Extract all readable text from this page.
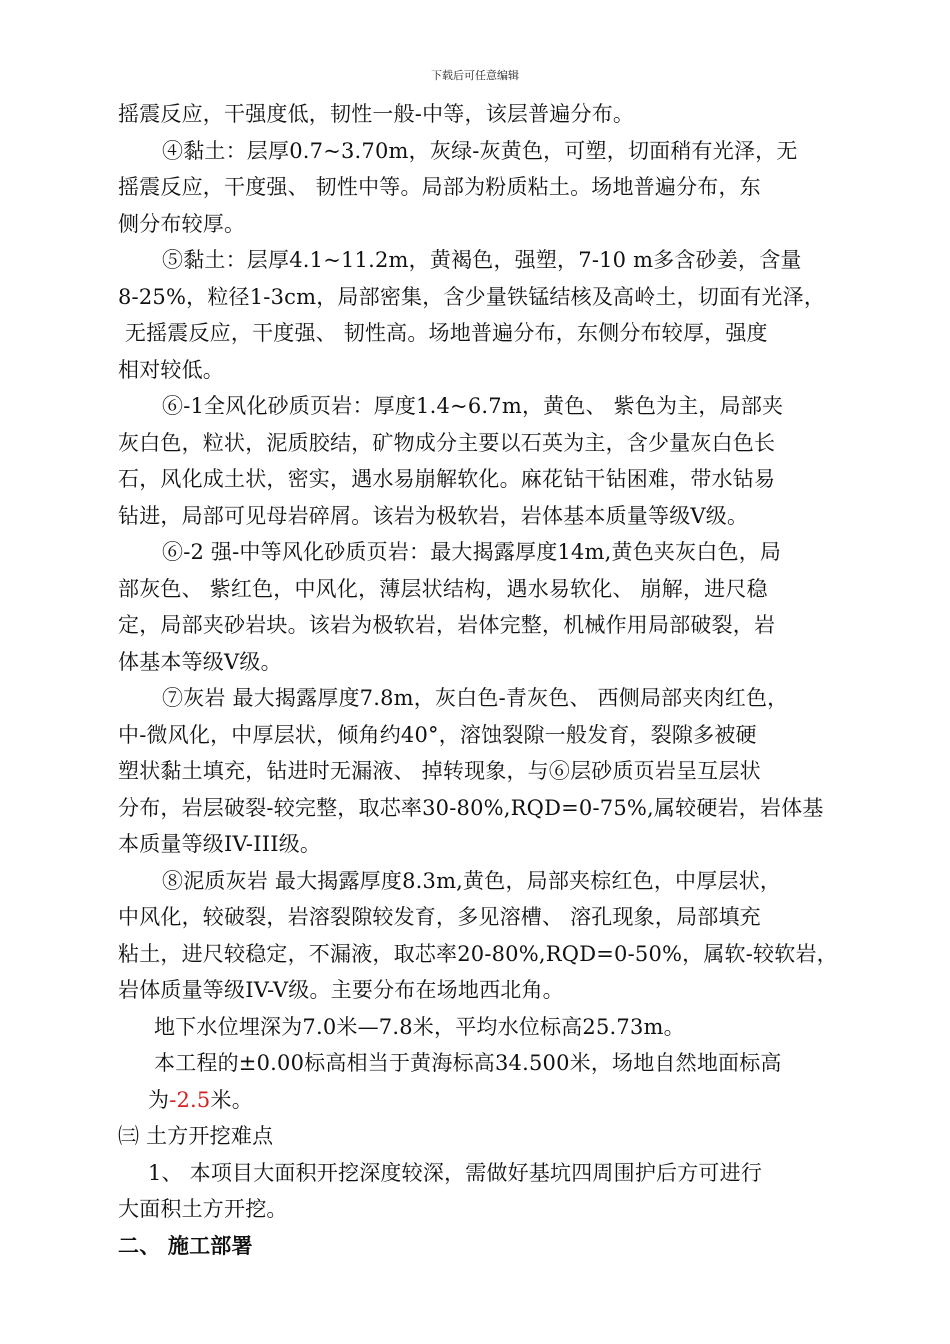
下载后可任意编辑
摇震反应，干强度低，韧性一般-中等，该层普遍分布。
④黏土：层厚0.7~3.70m，灰绿-灰黄色，可塑，切面稍有光泽，无
摇震反应，干度强、 韧性中等。局部为粉质粘土。场地普遍分布，东
侧分布较厚。
⑤黏土：层厚4.1~11.2m，黄褐色，强塑，7-10 m多含砂姜，含量
8-25%，粒径1-3cm，局部密集，含少量铁锰结核及高岭土，切面有光泽，
无摇震反应，干度强、 韧性高。场地普遍分布，东侧分布较厚，强度
相对较低。
⑥-1全风化砂质页岩：厚度1.4~6.7m，黄色、 紫色为主，局部夹
灰白色，粒状，泥质胶结，矿物成分主要以石英为主，含少量灰白色长
石，风化成土状，密实，遇水易崩解软化。麻花钻干钻困难，带水钻易
钻进，局部可见母岩碎屑。该岩为极软岩，岩体基本质量等级Ⅴ级。
⑥-2 强-中等风化砂质页岩：最大揭露厚度14m,黄色夹灰白色，局
部灰色、 紫红色，中风化，薄层状结构，遇水易软化、 崩解，进尺稳
定，局部夹砂岩块。该岩为极软岩，岩体完整，机械作用局部破裂，岩
体基本等级Ⅴ级。
⑦灰岩 最大揭露厚度7.8m，灰白色-青灰色、 西侧局部夹肉红色，
中-微风化，中厚层状，倾角约40°，溶蚀裂隙一般发育，裂隙多被硬
塑状黏土填充，钻进时无漏液、 掉转现象，与⑥层砂质页岩呈互层状
分布，岩层破裂-较完整，取芯率30-80%,RQD=0-75%,属较硬岩，岩体基
本质量等级IV-III级。
⑧泥质灰岩 最大揭露厚度8.3m,黄色，局部夹棕红色，中厚层状，
中风化，较破裂，岩溶裂隙较发育，多见溶槽、 溶孔现象，局部填充
粘土，进尺较稳定，不漏液，取芯率20-80%,RQD=0-50%，属软-较软岩，
岩体质量等级IV-V级。主要分布在场地西北角。
地下水位埋深为7.0米—7.8米，平均水位标高25.73m。
本工程的±0.00标高相当于黄海标高34.500米，场地自然地面标高
为-2.5米。
㈢ 土方开挖难点
1、 本项目大面积开挖深度较深，需做好基坑四周围护后方可进行
大面积土方开挖。
二、 施工部署
